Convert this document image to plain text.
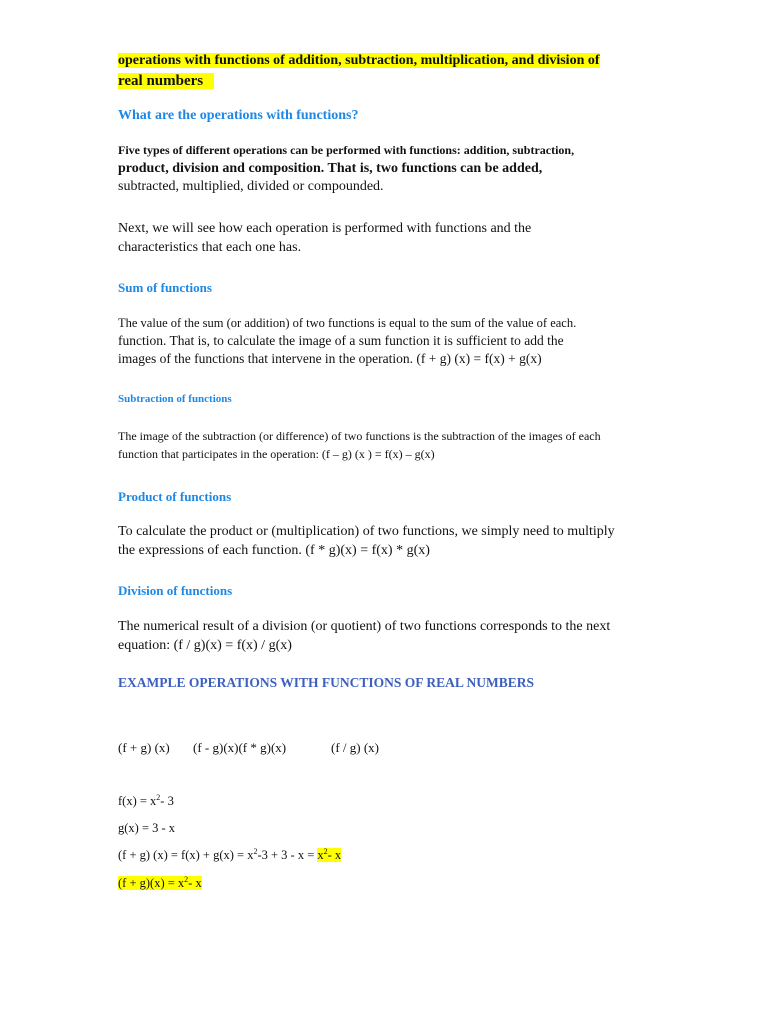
operations with functions of addition, subtraction, multiplication, and division of
real numbers

What are the operations with functions?

Five types of different operations can be performed with functions: addition, subtraction,
product, division and composition. That is, two functions can be added,
subtracted, multiplied, divided or compounded.

Next, we will see how each operation is performed with functions and the characteristics that each one has.

Sum of functions

The value of the sum (or addition) of two functions is equal to the sum of the value of each.
function. That is, to calculate the image of a sum function it is sufficient to add the
images of the functions that intervene in the operation. (f + g) (x) = f(x) + g(x)

Subtraction of functions

The image of the subtraction (or difference) of two functions is the subtraction of the images of each function that participates in the operation: (f – g) (x ) = f(x) – g(x)

Product of functions

To calculate the product or (multiplication) of two functions, we simply need to multiply the expressions of each function. (f * g)(x) = f(x) * g(x)

Division of functions

The numerical result of a division (or quotient) of two functions corresponds to the next equation: (f / g)(x) = f(x) / g(x)

EXAMPLE OPERATIONS WITH FUNCTIONS OF REAL NUMBERS

(f + g) (x) (f - g)(x)(f * g)(x)	(f / g) (x)

$f(x) = x^2-$ 3

g(x) = 3 - x

(f + g) $(x) = f(x) + g(x) = x^2-3 + 3 - x = x^2-$ x

$(f + g)(x) = x^2-$ x
